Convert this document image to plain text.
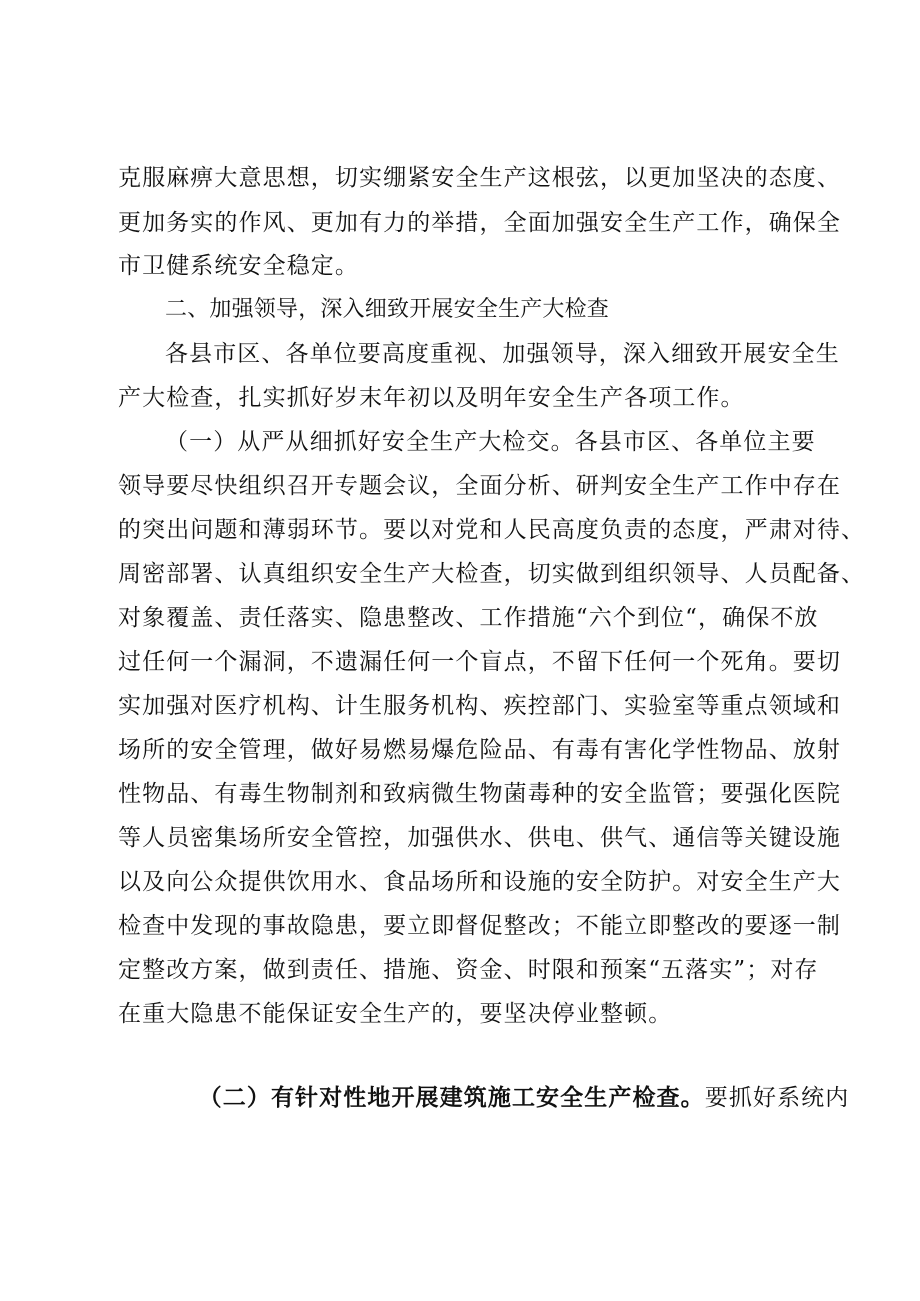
克服麻痹大意思想，切实绷紧安全生产这根弦，以更加坚决的态度、
更加务实的作风、更加有力的举措，全面加强安全生产工作，确保全
市卫健系统安全稳定。
二、加强领导，深入细致开展安全生产大检查
各县市区、各单位要高度重视、加强领导，深入细致开展安全生
产大检查，扎实抓好岁末年初以及明年安全生产各项工作。
（一）从严从细抓好安全生产大检交。各县市区、各单位主要
领导要尽快组织召开专题会议，全面分析、研判安全生产工作中存在
的突出问题和薄弱环节。要以对党和人民高度负责的态度，严肃对待、
周密部署、认真组织安全生产大检查，切实做到组织领导、人员配备、
对象覆盖、责任落实、隐患整改、工作措施“六个到位“，确保不放
过任何一个漏洞，不遗漏任何一个盲点，不留下任何一个死角。要切
实加强对医疗机构、计生服务机构、疾控部门、实验室等重点领域和
场所的安全管理，做好易燃易爆危险品、有毒有害化学性物品、放射
性物品、有毒生物制剂和致病微生物菌毒种的安全监管；要强化医院
等人员密集场所安全管控，加强供水、供电、供气、通信等关键设施
以及向公众提供饮用水、食品场所和设施的安全防护。对安全生产大
检查中发现的事故隐患，要立即督促整改；不能立即整改的要逐一制
定整改方案，做到责任、措施、资金、时限和预案“五落实”；对存
在重大隐患不能保证安全生产的，要坚决停业整顿。

（二）有针对性地开展建筑施工安全生产检查。要抓好系统内
